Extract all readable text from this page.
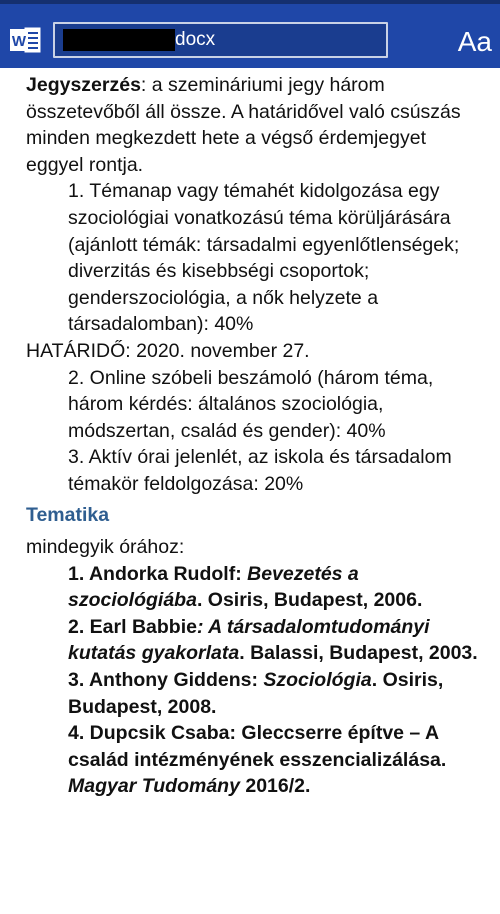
W	docx	Aa

Jegyszerzés: a szemináriumi jegy három összetevőből áll össze. A határidővel való csúszás minden megkezdett hete a végső érdemjegyet eggyel rontja.

1. Témanap vagy témahét kidolgozása egy szociológiai vonatkozású téma körüljárására (ajánlott témák: társadalmi egyenlőtlenségek; diverzitás és kisebbségi csoportok; genderszociológia, a nők helyzete a társadalomban): 40%

HATÁRIDŐ: 2020. november 27.

2. Online szóbeli beszámoló (három téma, három kérdés: általános szociológia, módszertan, család és gender): 40%

3. Aktív órai jelenlét, az iskola és társadalom témakör feldolgozása: 20%

Tematika

mindegyik órához:

1. Andorka Rudolf: Bevezetés a szociológiába. Osiris, Budapest, 2006.

2. Earl Babbie: A társadalomtudományi kutatás gyakorlata. Balassi, Budapest, 2003.

3. Anthony Giddens: Szociológia. Osiris, Budapest, 2008.

4. Dupcsik Csaba: Gleccserre építve – A család intézményének esszencializálása. Magyar Tudomány 2016/2.
